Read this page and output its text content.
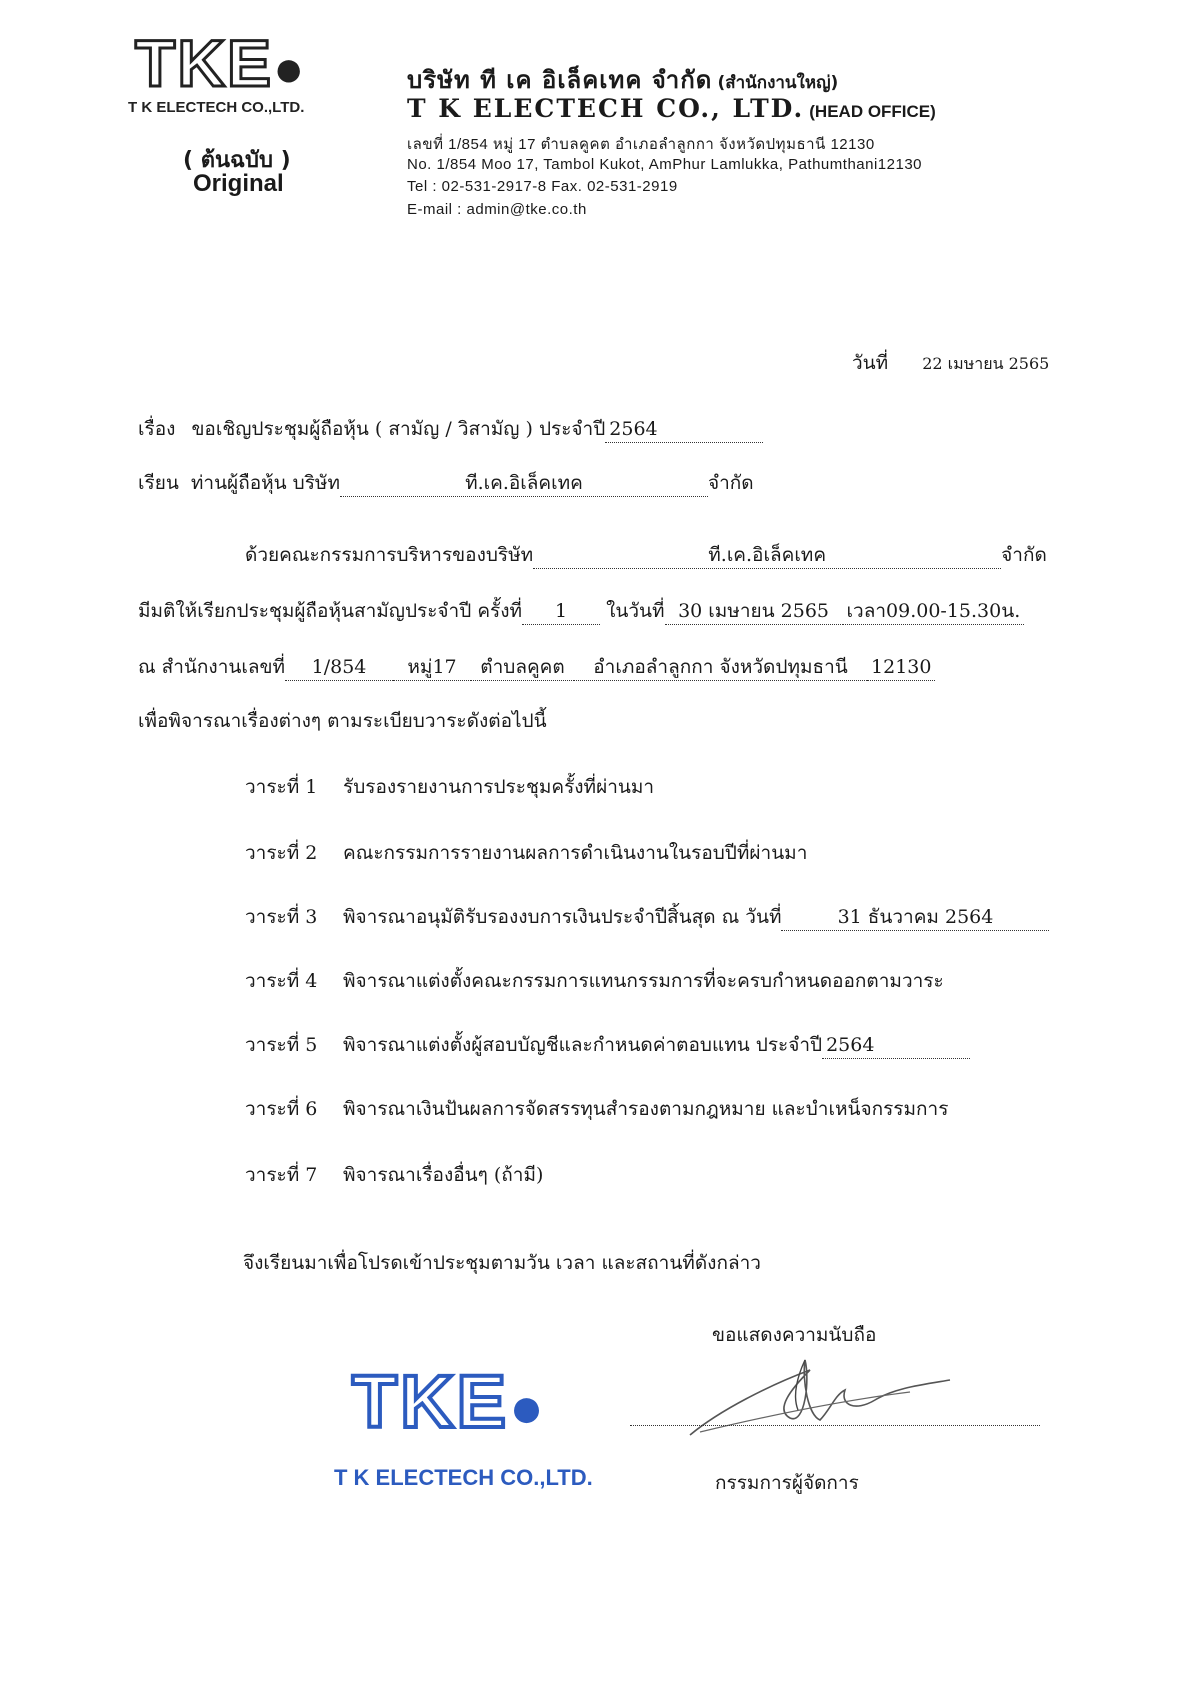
TKE●
T K ELECTECH CO.,LTD.
( ต้นฉบับ )
Original
บริษัท ที เค อิเล็คเทค จำกัด (สำนักงานใหญ่)
T K ELECTECH CO., LTD. (HEAD OFFICE)
เลขที่ 1/854 หมู่ 17 ตำบลคูคต อำเภอลำลูกกา จังหวัดปทุมธานี 12130
No. 1/854 Moo 17, Tambol Kukot, AmPhur Lamlukka, Pathumthani12130
Tel : 02-531-2917-8 Fax. 02-531-2919
E-mail : admin@tke.co.th
วันที่ 22 เมษายน 2565
เรื่อง ขอเชิญประชุมผู้ถือหุ้น ( สามัญ / วิสามัญ ) ประจำปี 2564
เรียน ท่านผู้ถือหุ้น บริษัท	ที.เค.อิเล็คเทค	จำกัด
ด้วยคณะกรรมการบริหารของบริษัท	ที.เค.อิเล็คเทค	จำกัด
มีมติให้เรียกประชุมผู้ถือหุ้นสามัญประจำปี ครั้งที่ 1 ในวันที่ 30 เมษายน 2565 เวลา09.00-15.30น.
ณ สำนักงานเลขที่ 1/854 หมู่17 ตำบลคูคต อำเภอลำลูกกา จังหวัดปทุมธานี 12130
เพื่อพิจารณาเรื่องต่างๆ ตามระเบียบวาระดังต่อไปนี้
วาระที่ 1 รับรองรายงานการประชุมครั้งที่ผ่านมา
วาระที่ 2 คณะกรรมการรายงานผลการดำเนินงานในรอบปีที่ผ่านมา
วาระที่ 3 พิจารณาอนุมัติรับรองงบการเงินประจำปีสิ้นสุด ณ วันที่	31 ธันวาคม 2564
วาระที่ 4 พิจารณาแต่งตั้งคณะกรรมการแทนกรรมการที่จะครบกำหนดออกตามวาระ
วาระที่ 5 พิจารณาแต่งตั้งผู้สอบบัญชีและกำหนดค่าตอบแทน ประจำปี 2564
วาระที่ 6 พิจารณาเงินปันผลการจัดสรรทุนสำรองตามกฎหมาย และบำเหน็จกรรมการ
วาระที่ 7 พิจารณาเรื่องอื่นๆ (ถ้ามี)
จึงเรียนมาเพื่อโปรดเข้าประชุมตามวัน เวลา และสถานที่ดังกล่าว
ขอแสดงความนับถือ
กรรมการผู้จัดการ
TKE●
T K ELECTECH CO.,LTD.
